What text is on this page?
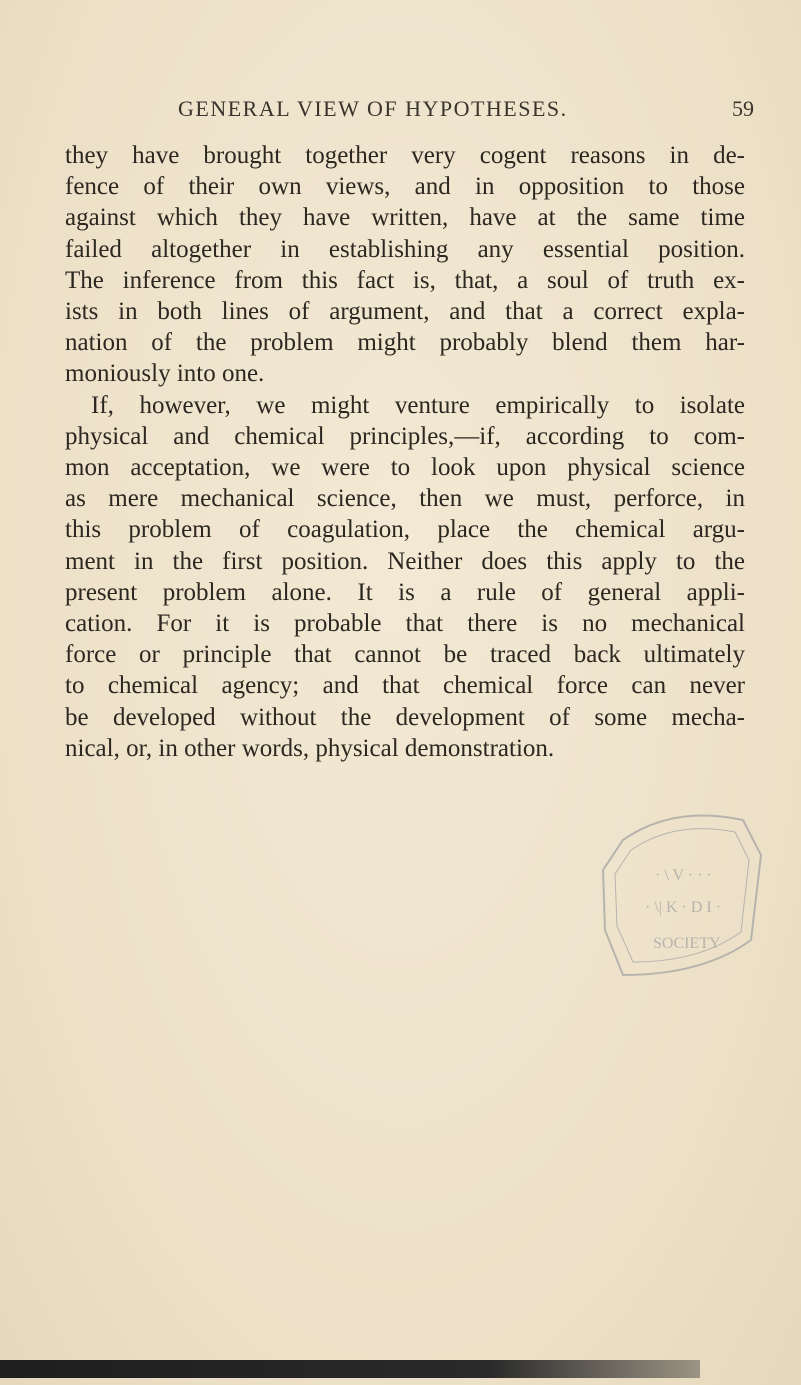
GENERAL VIEW OF HYPOTHESES.	59
they have brought together very cogent reasons in de-
fence of their own views, and in opposition to those
against which they have written, have at the same time
failed altogether in establishing any essential position.
The inference from this fact is, that, a soul of truth ex-
ists in both lines of argument, and that a correct expla-
nation of the problem might probably blend them har-
moniously into one.
If, however, we might venture empirically to isolate
physical and chemical principles,—if, according to com-
mon acceptation, we were to look upon physical science
as mere mechanical science, then we must, perforce, in
this problem of coagulation, place the chemical argu-
ment in the first position. Neither does this apply to the
present problem alone. It is a rule of general appli-
cation. For it is probable that there is no mechanical
force or principle that cannot be traced back ultimately
to chemical agency; and that chemical force can never
be developed without the development of some mecha-
nical, or, in other words, physical demonstration.
· \ V · · ·
· \| K · D I ·
SOCIETY
